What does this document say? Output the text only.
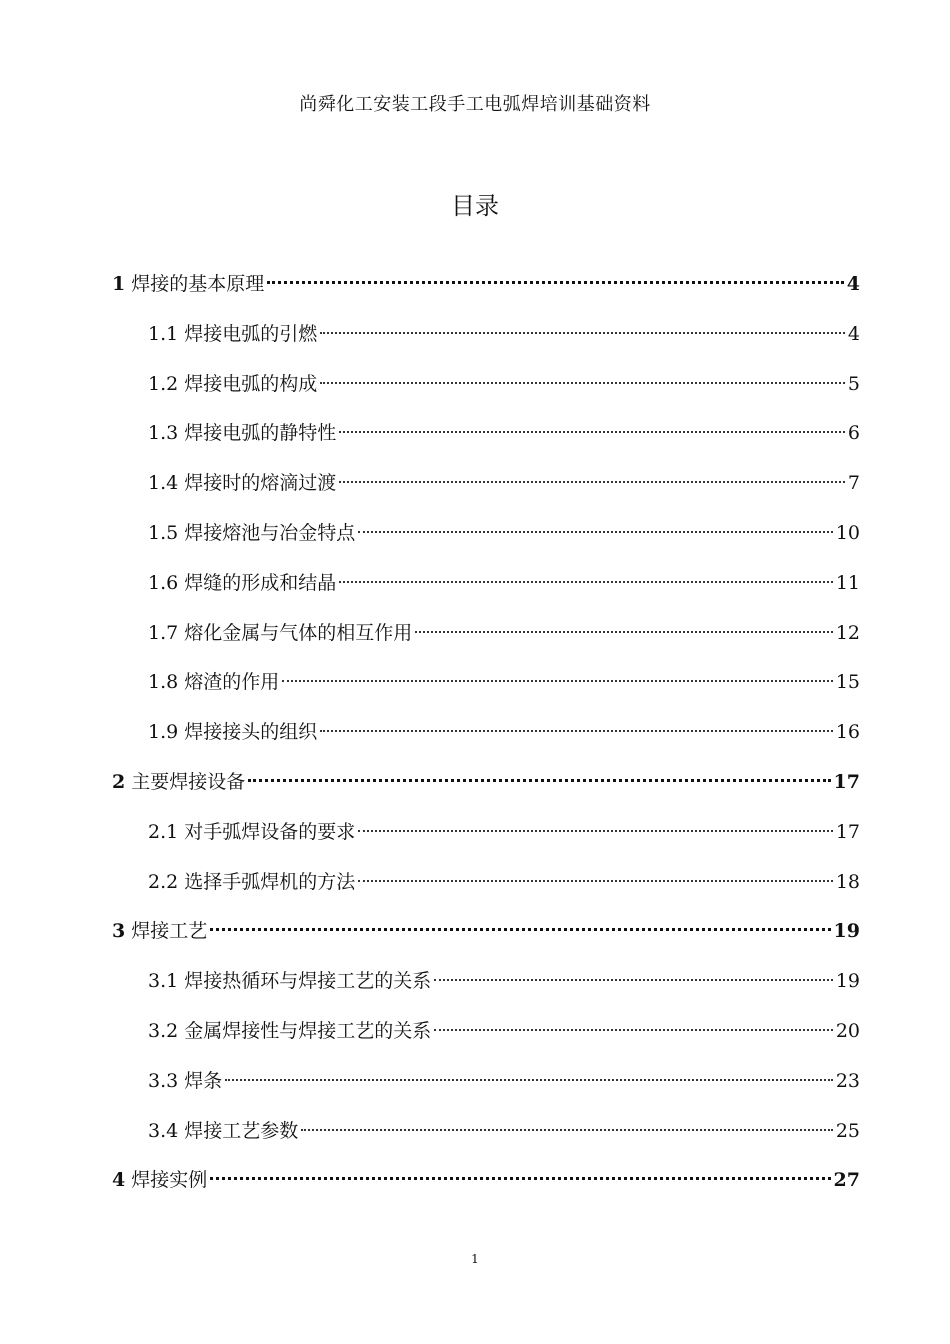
尚舜化工安装工段手工电弧焊培训基础资料
目录
1 焊接的基本原理	4
1.1 焊接电弧的引燃	4
1.2 焊接电弧的构成	5
1.3 焊接电弧的静特性	6
1.4 焊接时的熔滴过渡	7
1.5 焊接熔池与冶金特点	10
1.6 焊缝的形成和结晶	11
1.7 熔化金属与气体的相互作用	12
1.8 熔渣的作用	15
1.9 焊接接头的组织	16
2 主要焊接设备	17
2.1 对手弧焊设备的要求	17
2.2 选择手弧焊机的方法	18
3 焊接工艺	19
3.1 焊接热循环与焊接工艺的关系	19
3.2 金属焊接性与焊接工艺的关系	20
3.3 焊条	23
3.4 焊接工艺参数	25
4 焊接实例	27
1
